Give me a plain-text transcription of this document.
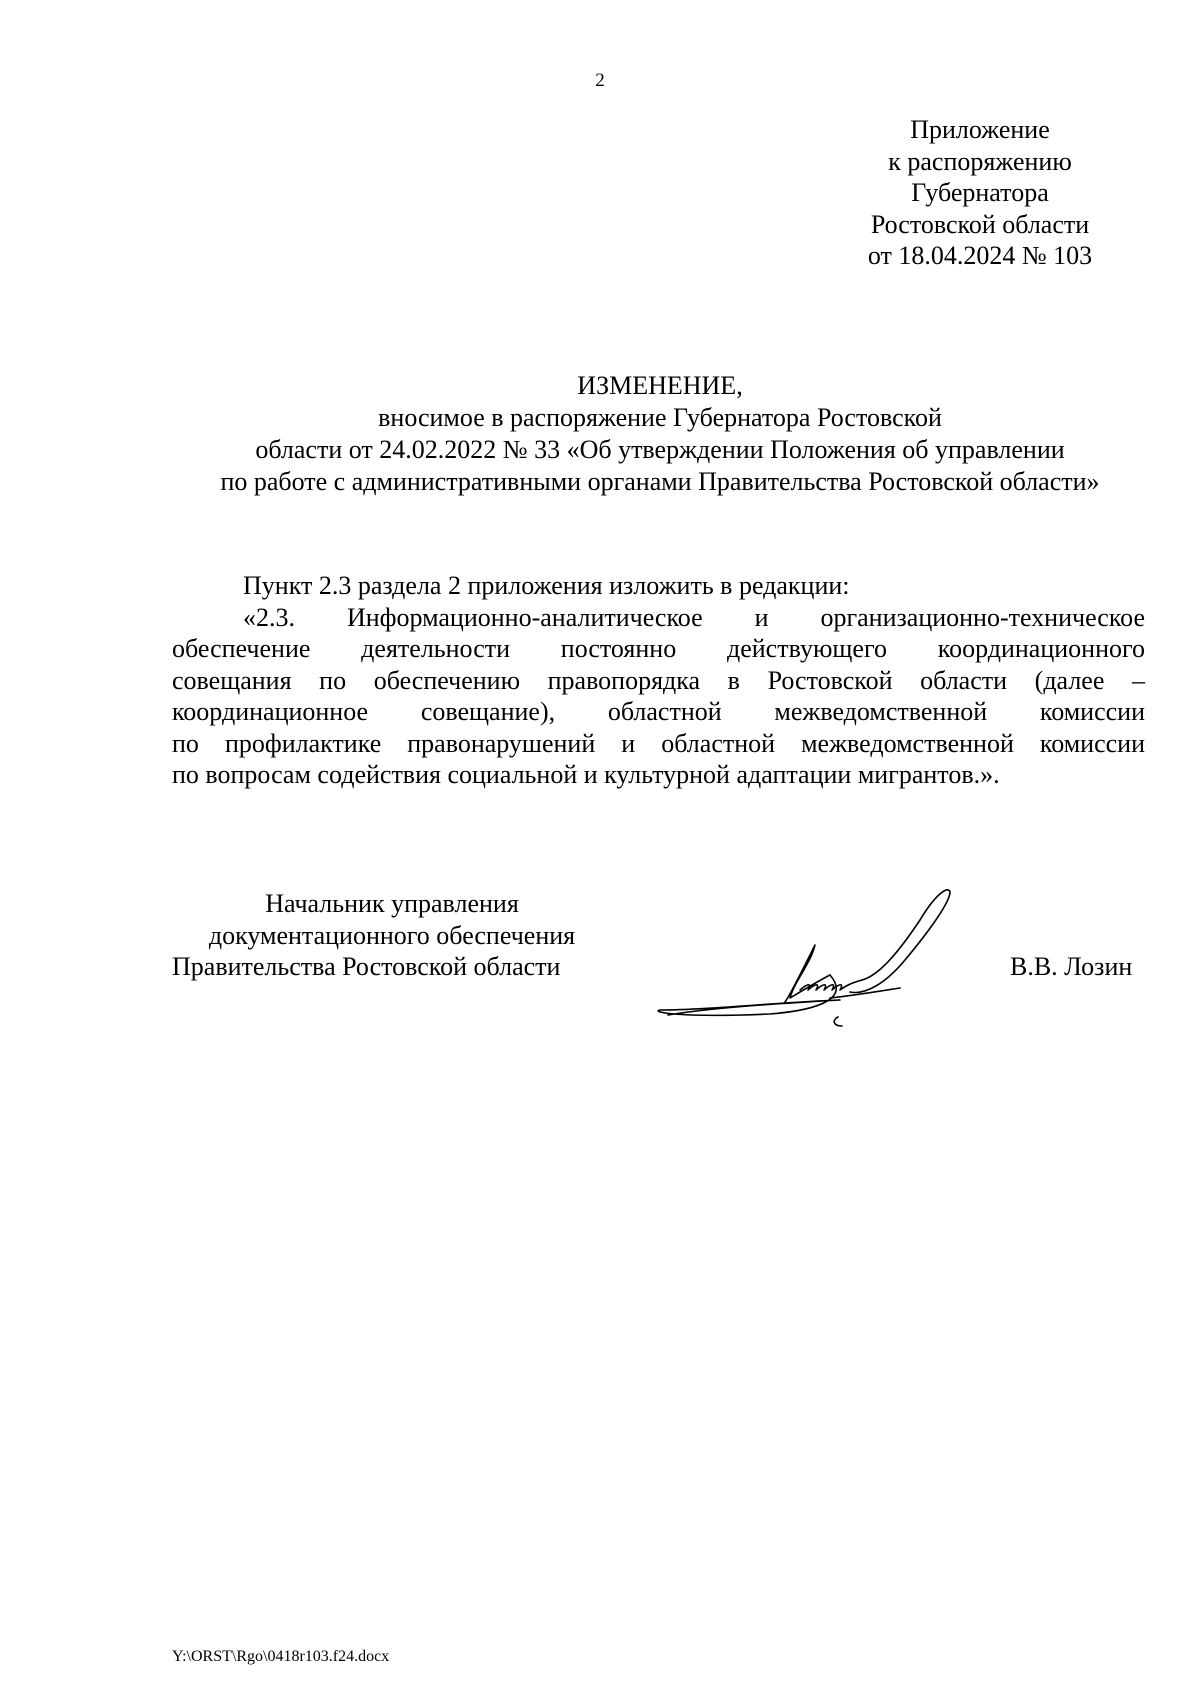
2
Приложение
к распоряжению
Губернатора
Ростовской области
от 18.04.2024 № 103
ИЗМЕНЕНИЕ,
вносимое в распоряжение Губернатора Ростовской
области от 24.02.2022 № 33 «Об утверждении Положения об управлении
по работе с административными органами Правительства Ростовской области»
Пункт 2.3 раздела 2 приложения изложить в редакции:
«2.3. Информационно-аналитическое и организационно-техническое
обеспечение деятельности постоянно действующего координационного
совещания по обеспечению правопорядка в Ростовской области (далее –
координационное совещание), областной межведомственной комиссии
по профилактике правонарушений и областной межведомственной комиссии
по вопросам содействия социальной и культурной адаптации мигрантов.».
Начальник управления
документационного обеспечения
Правительства Ростовской области	В.В. Лозин
Y:\ORST\Rgo\0418r103.f24.docx
